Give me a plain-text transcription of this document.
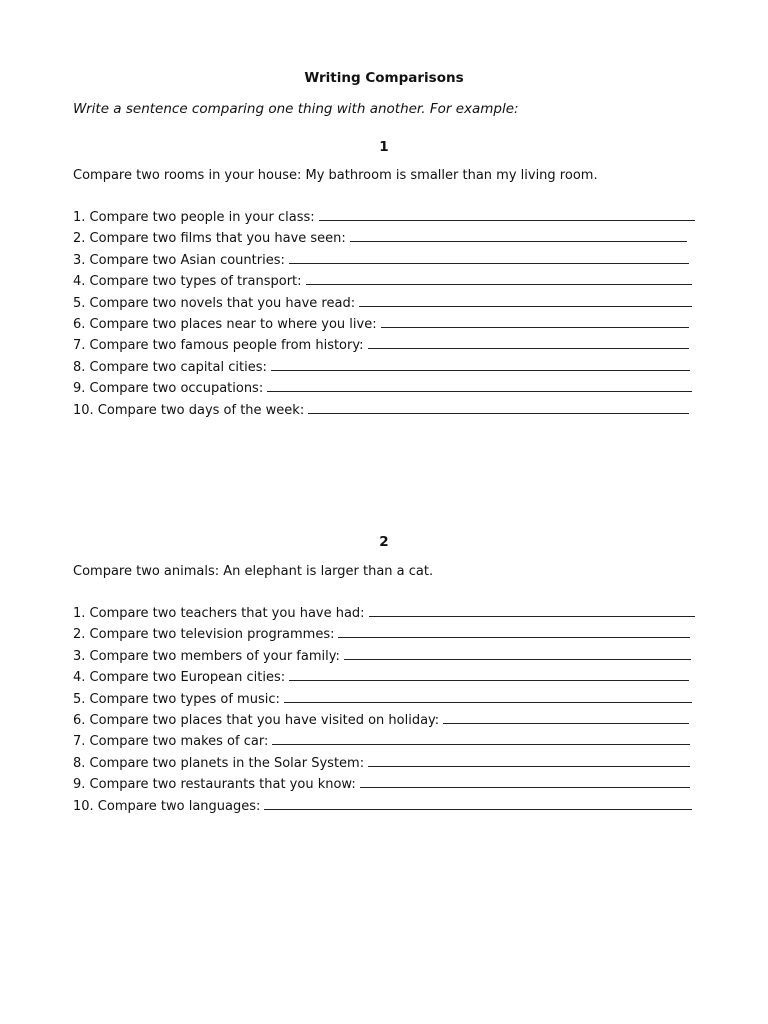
Writing Comparisons
Write a sentence comparing one thing with another. For example:
1
Compare two rooms in your house: My bathroom is smaller than my living room.
1. Compare two people in your class:
2. Compare two films that you have seen:
3. Compare two Asian countries:
4. Compare two types of transport:
5. Compare two novels that you have read:
6. Compare two places near to where you live:
7. Compare two famous people from history:
8. Compare two capital cities:
9. Compare two occupations:
10. Compare two days of the week:
2
Compare two animals: An elephant is larger than a cat.
1. Compare two teachers that you have had:
2. Compare two television programmes:
3. Compare two members of your family:
4. Compare two European cities:
5. Compare two types of music:
6. Compare two places that you have visited on holiday:
7. Compare two makes of car:
8. Compare two planets in the Solar System:
9. Compare two restaurants that you know:
10. Compare two languages:
